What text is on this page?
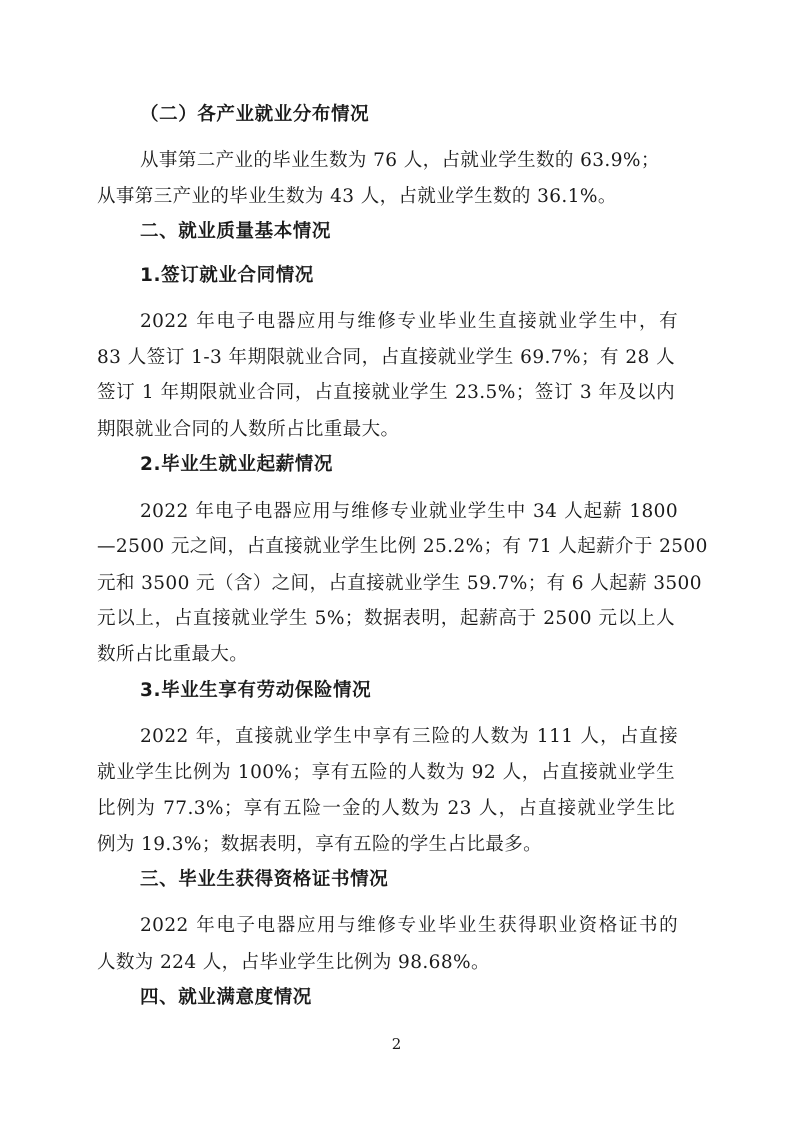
（二）各产业就业分布情况
从事第二产业的毕业生数为 76 人，占就业学生数的 63.9%；
从事第三产业的毕业生数为 43 人，占就业学生数的 36.1%。
二、就业质量基本情况
1.签订就业合同情况
2022 年电子电器应用与维修专业毕业生直接就业学生中，有
83 人签订 1-3 年期限就业合同，占直接就业学生 69.7%；有 28 人
签订 1 年期限就业合同，占直接就业学生 23.5%；签订 3 年及以内
期限就业合同的人数所占比重最大。
2.毕业生就业起薪情况
2022 年电子电器应用与维修专业就业学生中 34 人起薪 1800
—2500 元之间，占直接就业学生比例 25.2%；有 71 人起薪介于 2500
元和 3500 元（含）之间，占直接就业学生 59.7%；有 6 人起薪 3500
元以上，占直接就业学生 5%；数据表明，起薪高于 2500 元以上人
数所占比重最大。
3.毕业生享有劳动保险情况
2022 年，直接就业学生中享有三险的人数为 111 人，占直接
就业学生比例为 100%；享有五险的人数为 92 人，占直接就业学生
比例为 77.3%；享有五险一金的人数为 23 人，占直接就业学生比
例为 19.3%；数据表明，享有五险的学生占比最多。
三、毕业生获得资格证书情况
2022 年电子电器应用与维修专业毕业生获得职业资格证书的
人数为 224 人，占毕业学生比例为 98.68%。
四、就业满意度情况
2
